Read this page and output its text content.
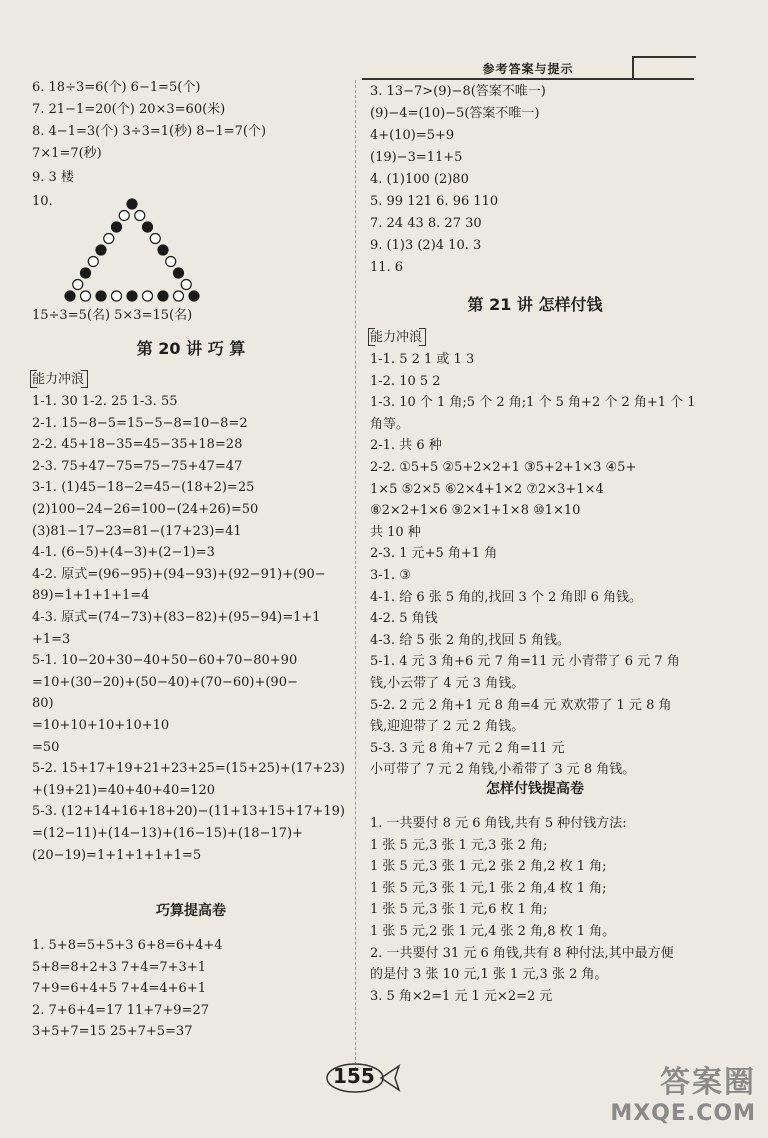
参考答案与提示
6. 18÷3=6(个) 6−1=5(个)
7. 21−1=20(个) 20×3=60(米)
8. 4−1=3(个) 3÷3=1(秒) 8−1=7(个)
7×1=7(秒)
9. 3 楼
10.
15÷3=5(名) 5×3=15(名)
第 20 讲 巧 算
能力冲浪
1-1. 30 1-2. 25 1-3. 55
2-1. 15−8−5=15−5−8=10−8=2
2-2. 45+18−35=45−35+18=28
2-3. 75+47−75=75−75+47=47
3-1. (1)45−18−2=45−(18+2)=25
(2)100−24−26=100−(24+26)=50
(3)81−17−23=81−(17+23)=41
4-1. (6−5)+(4−3)+(2−1)=3
4-2. 原式=(96−95)+(94−93)+(92−91)+(90−
89)=1+1+1+1=4
4-3. 原式=(74−73)+(83−82)+(95−94)=1+1
+1=3
5-1. 10−20+30−40+50−60+70−80+90
=10+(30−20)+(50−40)+(70−60)+(90−
80)
=10+10+10+10+10
=50
5-2. 15+17+19+21+23+25=(15+25)+(17+23)
+(19+21)=40+40+40=120
5-3. (12+14+16+18+20)−(11+13+15+17+19)
=(12−11)+(14−13)+(16−15)+(18−17)+
(20−19)=1+1+1+1+1=5
巧算提高卷
1. 5+8=5+5+3 6+8=6+4+4
5+8=8+2+3 7+4=7+3+1
7+9=6+4+5 7+4=4+6+1
2. 7+6+4=17 11+7+9=27
3+5+7=15 25+7+5=37
3. 13−7>(9)−8(答案不唯一)
(9)−4=(10)−5(答案不唯一)
4+(10)=5+9
(19)−3=11+5
4. (1)100 (2)80
5. 99 121 6. 96 110
7. 24 43 8. 27 30
9. (1)3 (2)4 10. 3
11. 6
第 21 讲 怎样付钱
能力冲浪
1-1. 5 2 1 或 1 3
1-2. 10 5 2
1-3. 10 个 1 角;5 个 2 角;1 个 5 角+2 个 2 角+1 个 1
角等。
2-1. 共 6 种
2-2. ①5+5 ②5+2×2+1 ③5+2+1×3 ④5+
1×5 ⑤2×5 ⑥2×4+1×2 ⑦2×3+1×4
⑧2×2+1×6 ⑨2×1+1×8 ⑩1×10
共 10 种
2-3. 1 元+5 角+1 角
3-1. ③
4-1. 给 6 张 5 角的,找回 3 个 2 角即 6 角钱。
4-2. 5 角钱
4-3. 给 5 张 2 角的,找回 5 角钱。
5-1. 4 元 3 角+6 元 7 角=11 元 小青带了 6 元 7 角
钱,小云带了 4 元 3 角钱。
5-2. 2 元 2 角+1 元 8 角=4 元 欢欢带了 1 元 8 角
钱,迎迎带了 2 元 2 角钱。
5-3. 3 元 8 角+7 元 2 角=11 元
小可带了 7 元 2 角钱,小希带了 3 元 8 角钱。
怎样付钱提高卷
1. 一共要付 8 元 6 角钱,共有 5 种付钱方法:
1 张 5 元,3 张 1 元,3 张 2 角;
1 张 5 元,3 张 1 元,2 张 2 角,2 枚 1 角;
1 张 5 元,3 张 1 元,1 张 2 角,4 枚 1 角;
1 张 5 元,3 张 1 元,6 枚 1 角;
1 张 5 元,2 张 1 元,4 张 2 角,8 枚 1 角。
2. 一共要付 31 元 6 角钱,共有 8 种付法,其中最方便
的是付 3 张 10 元,1 张 1 元,3 张 2 角。
3. 5 角×2=1 元 1 元×2=2 元
155	答案圈
MXQE.COM
